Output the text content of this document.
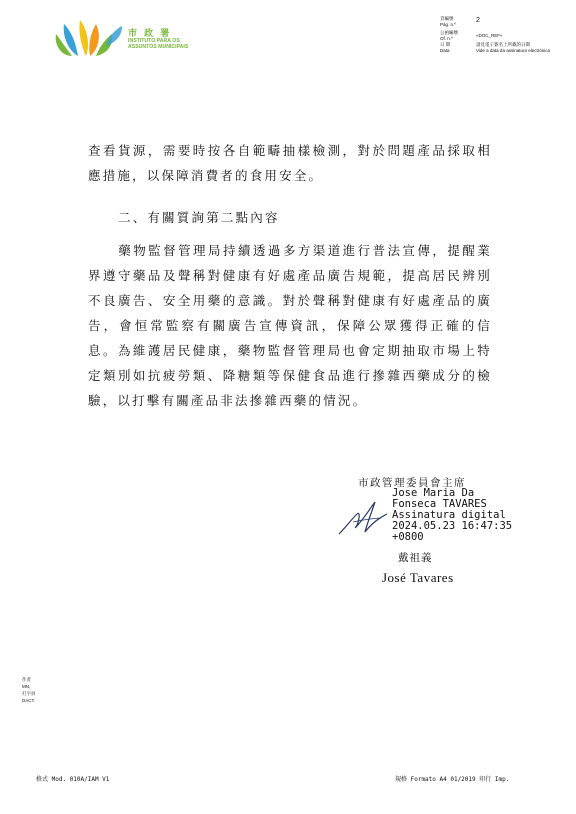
市 政 署
INSTITUTO PARA OS
ASSUNTOS MUNICIPAIS
頁編號
Pág. n.º
2
公函編號
Of. n.º
«DOC_REF»
日 期
Data
請見電子簽名上所載的日期
Vide a data da assinatura electrónica
查看貨源，需要時按各自範疇抽樣檢測，對於問題產品採取相應措施，以保障消費者的食用安全。
二、有關質詢第二點內容
藥物監督管理局持續透過多方渠道進行普法宣傳，提醒業界遵守藥品及聲稱對健康有好處產品廣告規範，提高居民辨別不良廣告、安全用藥的意識。對於聲稱對健康有好處產品的廣告，會恒常監察有關廣告宣傳資訊，保障公眾獲得正確的信息。為維護居民健康，藥物監督管理局也會定期抽取市場上特定類別如抗疲勞類、降糖類等保健食品進行摻雜西藥成分的檢驗，以打擊有關產品非法摻雜西藥的情況。
市政管理委員會主席
Jose Maria Da
Fonseca TAVARES
Assinatura digital
2024.05.23 16:47:35
+0800
戴祖義
José Tavares
作者
MN,
打字員
DACT.
格式 Mod. 010A/IAM V1	規格 Formato A4 01/2019 印行 Imp.
